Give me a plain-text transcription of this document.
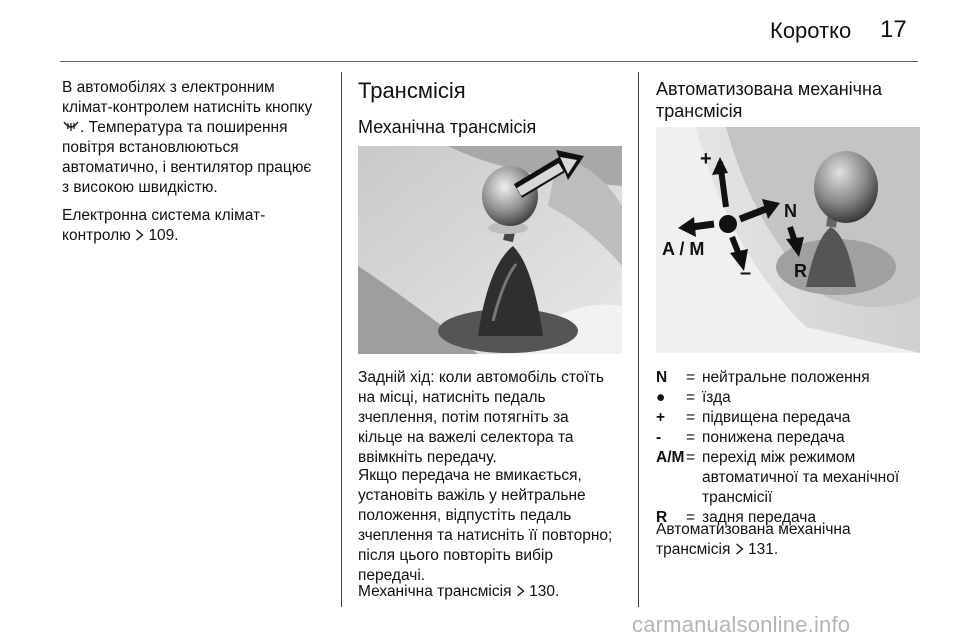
Коротко 17

В автомобілях з електронним

клімат-контролем натисніть кнопку

. Температура та поширення

повітря встановлюються

автоматично, і вентилятор працює

з високою швидкістю.

Електронна система клімат-

контролю 109.

Трансмісія
Механічна трансмісія

Задній хід: коли автомобіль стоїть

на місці, натисніть педаль

зчеплення, потім потягніть за

кільце на важелі селектора та

ввімкніть передачу.

Якщо передача не вмикається,

установіть важіль у нейтральне

положення, відпустіть педаль

зчеплення та натисніть її повторно;

після цього повторіть вибір

передачі.

Механічна трансмісія 130.

Автоматизована механічна
трансмісія
+
A / M
N
– R
N	= нейтральне положення
●	= їзда
+	= підвищена передача
-	= понижена передача
A/M = перехід між режимом
автоматичної та механічної
трансмісії
R	= задня передача

Автоматизована механічна

трансмісія 131.

carmanualsonline.info
